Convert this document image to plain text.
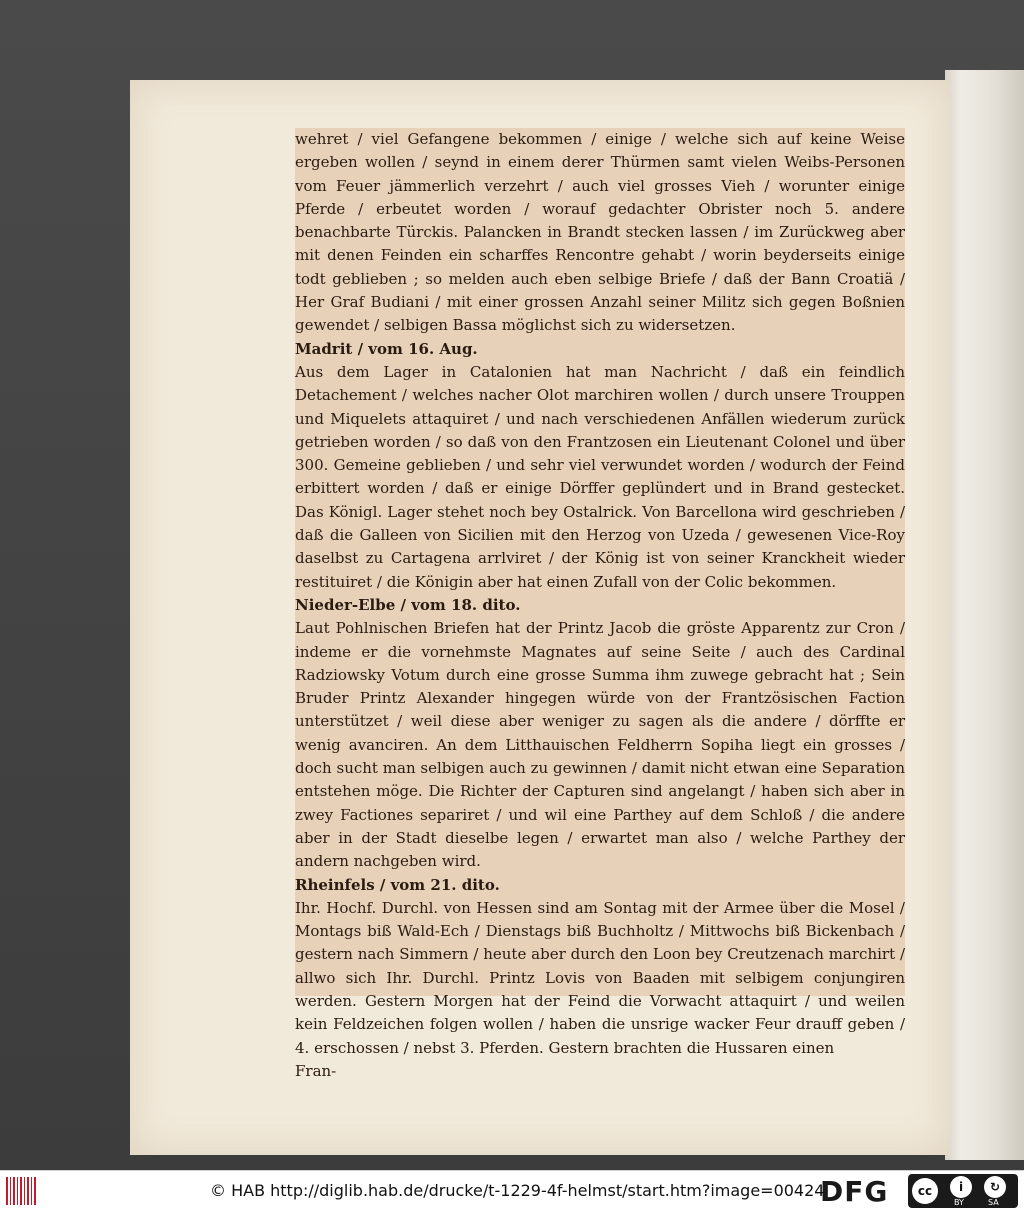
wehret / viel Gefangene bekommen / einige / welche sich auf keine Weise ergeben wollen / seynd in einem derer Thürmen samt vielen Weibs-Personen vom Feuer jämmerlich verzehrt / auch viel grosses Vieh / worunter einige Pferde / erbeutet worden / worauf gedachter Obrister noch 5. andere benachbarte Türckis. Palancken in Brandt stecken lassen / im Zurückweg aber mit denen Feinden ein scharffes Rencontre gehabt / worin beyderseits einige todt geblieben ; so melden auch eben selbige Briefe / daß der Bann Croatiä / Her Graf Budiani / mit einer grossen Anzahl seiner Militz sich gegen Boßnien gewendet / selbigen Bassa möglichst sich zu widersetzen.

Madrit / vom 16. Aug.

Aus dem Lager in Catalonien hat man Nachricht / daß ein feindlich Detachement / welches nacher Olot marchiren wollen / durch unsere Trouppen und Miquelets attaquiret / und nach verschiedenen Anfällen wiederum zurück getrieben worden / so daß von den Frantzosen ein Lieutenant Colonel und über 300. Gemeine geblieben / und sehr viel verwundet worden / wodurch der Feind erbittert worden / daß er einige Dörffer geplündert und in Brand gestecket. Das Königl. Lager stehet noch bey Ostalrick. Von Barcellona wird geschrieben / daß die Galleen von Sicilien mit den Herzog von Uzeda / gewesenen Vice-Roy daselbst zu Cartagena arrlviret / der König ist von seiner Kranckheit wieder restituiret / die Königin aber hat einen Zufall von der Colic bekommen.

Nieder-Elbe / vom 18. dito.

Laut Pohlnischen Briefen hat der Printz Jacob die gröste Apparentz zur Cron / indeme er die vornehmste Magnates auf seine Seite / auch des Cardinal Radziowsky Votum durch eine grosse Summa ihm zuwege gebracht hat ; Sein Bruder Printz Alexander hingegen würde von der Frantzösischen Faction unterstützet / weil diese aber weniger zu sagen als die andere / dörffte er wenig avanciren. An dem Litthauischen Feldherrn Sopiha liegt ein grosses / doch sucht man selbigen auch zu gewinnen / damit nicht etwan eine Separation entstehen möge. Die Richter der Capturen sind angelangt / haben sich aber in zwey Factiones separiret / und wil eine Parthey auf dem Schloß / die andere aber in der Stadt dieselbe legen / erwartet man also / welche Parthey der andern nachgeben wird.

Rheinfels / vom 21. dito.

Ihr. Hochf. Durchl. von Hessen sind am Sontag mit der Armee über die Mosel / Montags biß Wald-Ech / Dienstags biß Buchholtz / Mittwochs biß Bickenbach / gestern nach Simmern / heute aber durch den Loon bey Creutzenach marchirt / allwo sich Ihr. Durchl. Printz Lovis von Baaden mit selbigem conjungiren werden. Gestern Morgen hat der Feind die Vorwacht attaquirt / und weilen kein Feldzeichen folgen wollen / haben die unsrige wacker Feur drauff geben / 4. erschossen / nebst 3. Pferden. Gestern brachten die Hussaren einen

Fran-

© HAB http://diglib.hab.de/drucke/t-1229-4f-helmst/start.htm?image=00424
DFG	cc	i	↻
BY	SA
